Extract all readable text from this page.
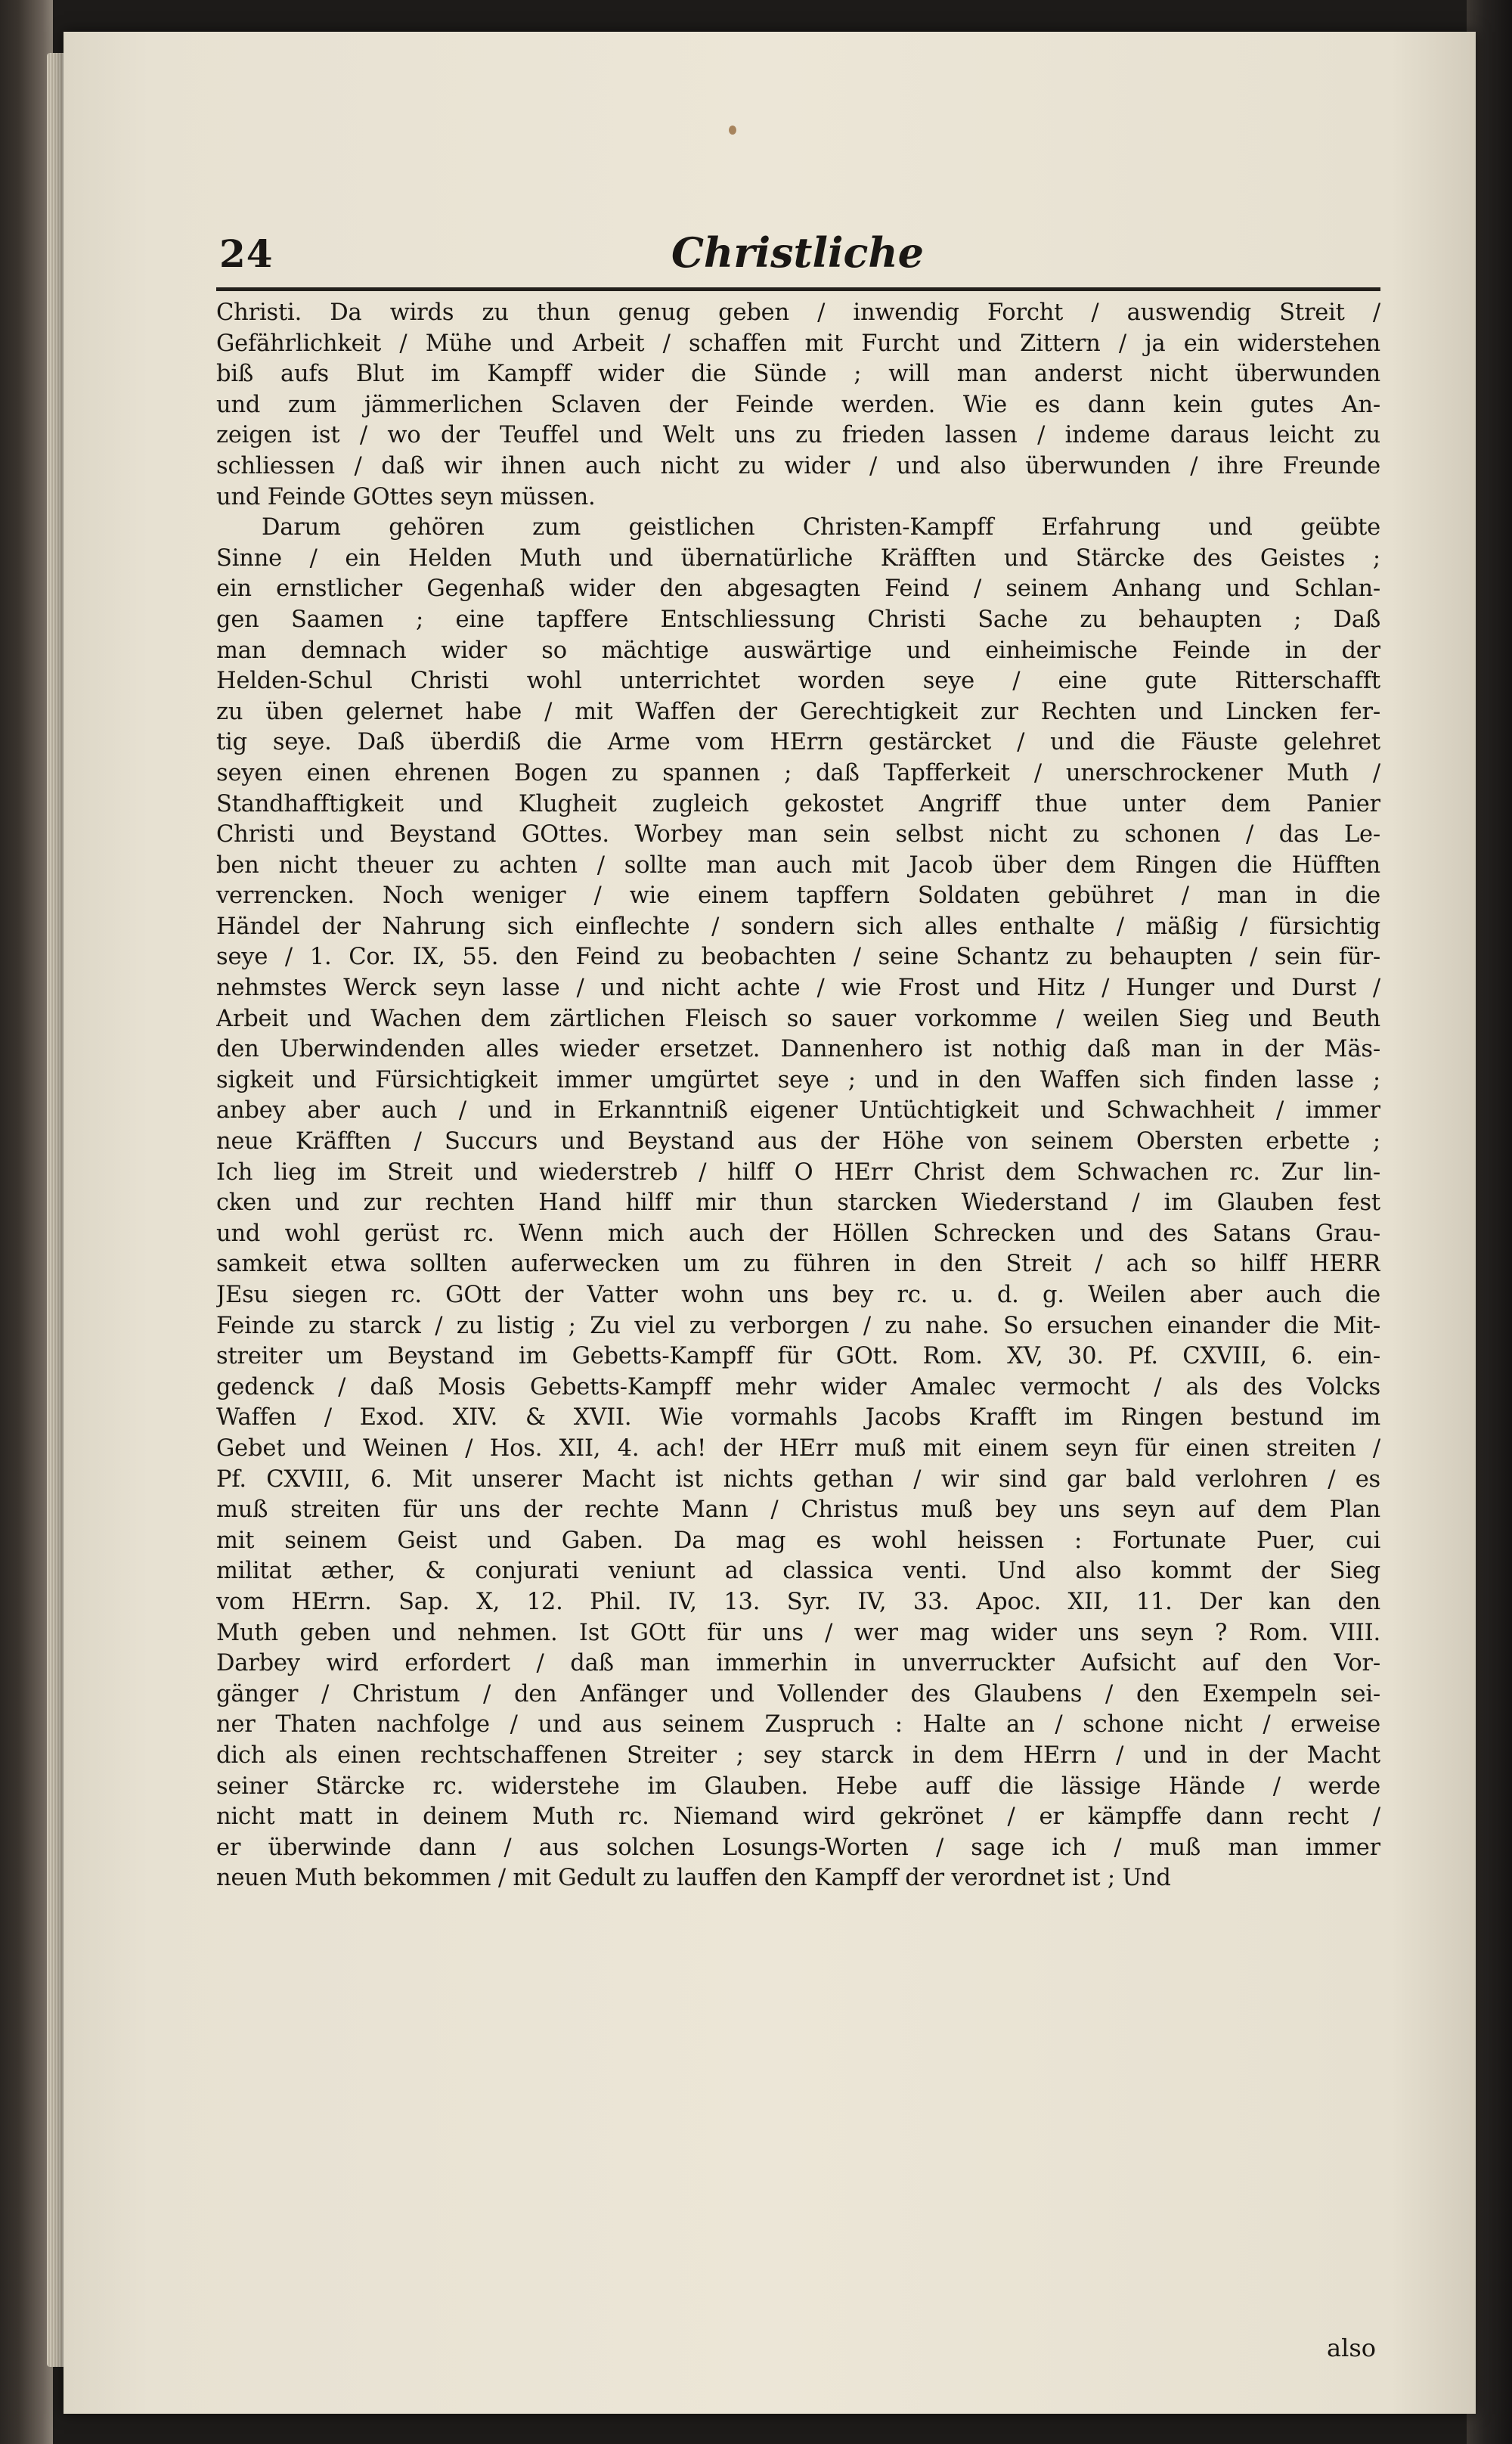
24	Christliche
Christi. Da wirds zu thun genug geben / inwendig Forcht / auswendig Streit /
Gefährlichkeit / Mühe und Arbeit / schaffen mit Furcht und Zittern / ja ein widerstehen
biß aufs Blut im Kampff wider die Sünde ; will man anderst nicht überwunden
und zum jämmerlichen Sclaven der Feinde werden. Wie es dann kein gutes An-
zeigen ist / wo der Teuffel und Welt uns zu frieden lassen / indeme daraus leicht zu
schliessen / daß wir ihnen auch nicht zu wider / und also überwunden / ihre Freunde
und Feinde GOttes seyn müssen.
Darum gehören zum geistlichen Christen-Kampff Erfahrung und geübte
Sinne / ein Helden Muth und übernatürliche Kräfften und Stärcke des Geistes ;
ein ernstlicher Gegenhaß wider den abgesagten Feind / seinem Anhang und Schlan-
gen Saamen ; eine tapffere Entschliessung Christi Sache zu behaupten ; Daß
man demnach wider so mächtige auswärtige und einheimische Feinde in der
Helden-Schul Christi wohl unterrichtet worden seye / eine gute Ritterschafft
zu üben gelernet habe / mit Waffen der Gerechtigkeit zur Rechten und Lincken fer-
tig seye. Daß überdiß die Arme vom HErrn gestärcket / und die Fäuste gelehret
seyen einen ehrenen Bogen zu spannen ; daß Tapfferkeit / unerschrockener Muth /
Standhafftigkeit und Klugheit zugleich gekostet Angriff thue unter dem Panier
Christi und Beystand GOttes. Worbey man sein selbst nicht zu schonen / das Le-
ben nicht theuer zu achten / sollte man auch mit Jacob über dem Ringen die Hüfften
verrencken. Noch weniger / wie einem tapffern Soldaten gebühret / man in die
Händel der Nahrung sich einflechte / sondern sich alles enthalte / mäßig / fürsichtig
seye / 1. Cor. IX, 55. den Feind zu beobachten / seine Schantz zu behaupten / sein für-
nehmstes Werck seyn lasse / und nicht achte / wie Frost und Hitz / Hunger und Durst /
Arbeit und Wachen dem zärtlichen Fleisch so sauer vorkomme / weilen Sieg und Beuth
den Uberwindenden alles wieder ersetzet. Dannenhero ist nothig daß man in der Mäs-
sigkeit und Fürsichtigkeit immer umgürtet seye ; und in den Waffen sich finden lasse ;
anbey aber auch / und in Erkanntniß eigener Untüchtigkeit und Schwachheit / immer
neue Kräfften / Succurs und Beystand aus der Höhe von seinem Obersten erbette ;
Ich lieg im Streit und wiederstreb / hilff O HErr Christ dem Schwachen rc. Zur lin-
cken und zur rechten Hand hilff mir thun starcken Wiederstand / im Glauben fest
und wohl gerüst rc. Wenn mich auch der Höllen Schrecken und des Satans Grau-
samkeit etwa sollten auferwecken um zu führen in den Streit / ach so hilff HERR
JEsu siegen rc. GOtt der Vatter wohn uns bey rc. u. d. g. Weilen aber auch die
Feinde zu starck / zu listig ; Zu viel zu verborgen / zu nahe. So ersuchen einander die Mit-
streiter um Beystand im Gebetts-Kampff für GOtt. Rom. XV, 30. Pf. CXVIII, 6. ein-
gedenck / daß Mosis Gebetts-Kampff mehr wider Amalec vermocht / als des Volcks
Waffen / Exod. XIV. & XVII. Wie vormahls Jacobs Krafft im Ringen bestund im
Gebet und Weinen / Hos. XII, 4. ach! der HErr muß mit einem seyn für einen streiten /
Pf. CXVIII, 6. Mit unserer Macht ist nichts gethan / wir sind gar bald verlohren / es
muß streiten für uns der rechte Mann / Christus muß bey uns seyn auf dem Plan
mit seinem Geist und Gaben. Da mag es wohl heissen : Fortunate Puer, cui
militat æther, & conjurati veniunt ad classica venti. Und also kommt der Sieg
vom HErrn. Sap. X, 12. Phil. IV, 13. Syr. IV, 33. Apoc. XII, 11. Der kan den
Muth geben und nehmen. Ist GOtt für uns / wer mag wider uns seyn ? Rom. VIII.
Darbey wird erfordert / daß man immerhin in unverruckter Aufsicht auf den Vor-
gänger / Christum / den Anfänger und Vollender des Glaubens / den Exempeln sei-
ner Thaten nachfolge / und aus seinem Zuspruch : Halte an / schone nicht / erweise
dich als einen rechtschaffenen Streiter ; sey starck in dem HErrn / und in der Macht
seiner Stärcke rc. widerstehe im Glauben. Hebe auff die lässige Hände / werde
nicht matt in deinem Muth rc. Niemand wird gekrönet / er kämpffe dann recht /
er überwinde dann / aus solchen Losungs-Worten / sage ich / muß man immer
neuen Muth bekommen / mit Gedult zu lauffen den Kampff der verordnet ist ; Und
also
